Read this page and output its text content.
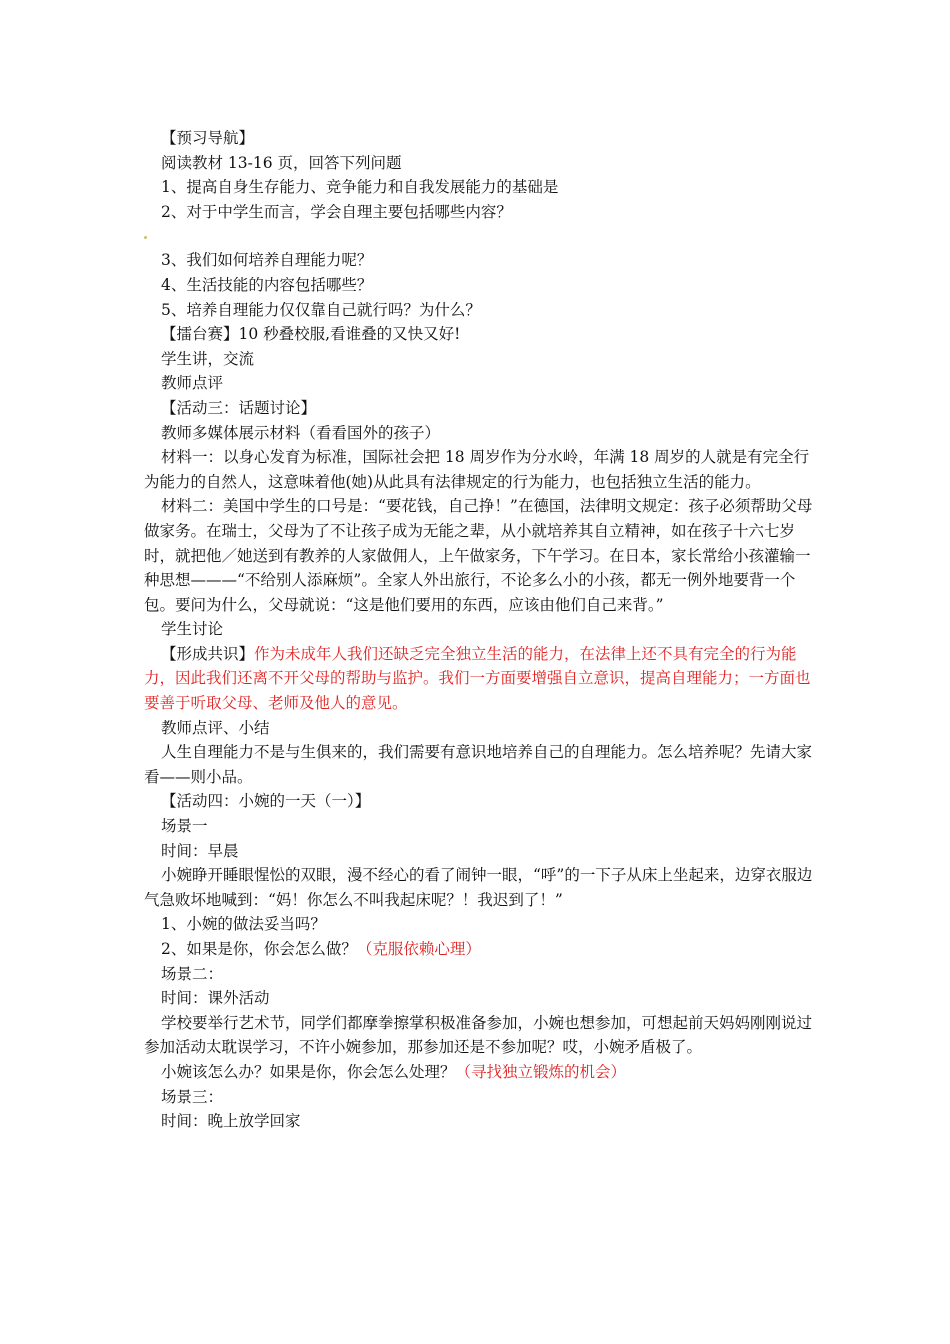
【预习导航】

阅读教材 13-16 页，回答下列问题

1、提高自身生存能力、竞争能力和自我发展能力的基础是

2、对于中学生而言，学会自理主要包括哪些内容？

3、我们如何培养自理能力呢？

4、生活技能的内容包括哪些？

5、培养自理能力仅仅靠自己就行吗？为什么？

【擂台赛】10 秒叠校服,看谁叠的又快又好!

学生讲，交流

教师点评

【活动三：话题讨论】

教师多媒体展示材料（看看国外的孩子）

材料一：以身心发育为标准，国际社会把 18 周岁作为分水岭，年满 18 周岁的人就是有完全行为能力的自然人，这意味着他(她)从此具有法律规定的行为能力，也包括独立生活的能力。

材料二：美国中学生的口号是：“要花钱，自己挣！”在德国，法律明文规定：孩子必须帮助父母做家务。在瑞士，父母为了不让孩子成为无能之辈，从小就培养其自立精神，如在孩子十六七岁时，就把他／她送到有教养的人家做佣人，上午做家务，下午学习。在日本，家长常给小孩灌输一种思想———“不给别人添麻烦”。全家人外出旅行，不论多么小的小孩，都无一例外地要背一个包。要问为什么，父母就说：“这是他们要用的东西，应该由他们自己来背。”

学生讨论

【形成共识】作为未成年人我们还缺乏完全独立生活的能力，在法律上还不具有完全的行为能力，因此我们还离不开父母的帮助与监护。我们一方面要增强自立意识，提高自理能力；一方面也要善于听取父母、老师及他人的意见。

教师点评、小结

人生自理能力不是与生俱来的，我们需要有意识地培养自己的自理能力。怎么培养呢？先请大家看——则小品。

【活动四：小婉的一天（一）】

场景一

时间：早晨

小婉睁开睡眼惺忪的双眼，漫不经心的看了闹钟一眼，“呼”的一下子从床上坐起来，边穿衣服边气急败坏地喊到：“妈！你怎么不叫我起床呢？！我迟到了！”

1、小婉的做法妥当吗？

2、如果是你，你会怎么做？（克服依赖心理）

场景二：

时间：课外活动

学校要举行艺术节，同学们都摩拳擦掌积极准备参加，小婉也想参加，可想起前天妈妈刚刚说过参加活动太耽误学习，不许小婉参加，那参加还是不参加呢？哎，小婉矛盾极了。

小婉该怎么办？如果是你，你会怎么处理？（寻找独立锻炼的机会）

场景三：

时间：晚上放学回家
